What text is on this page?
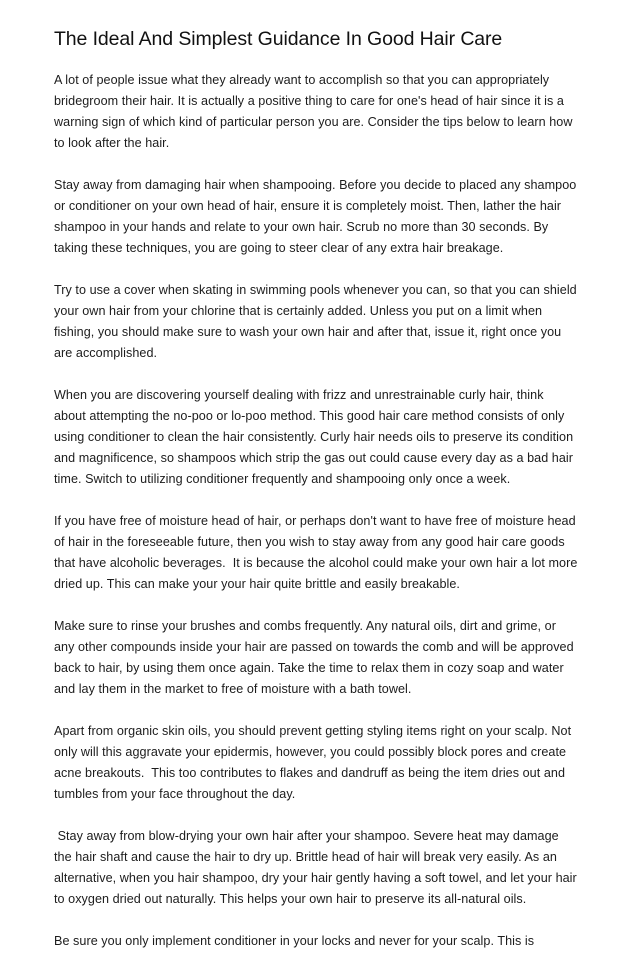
The Ideal And Simplest Guidance In Good Hair Care

A lot of people issue what they already want to accomplish so that you can appropriately
bridegroom their hair. It is actually a positive thing to care for one's head of hair since it is a
warning sign of which kind of particular person you are. Consider the tips below to learn how
to look after the hair.

Stay away from damaging hair when shampooing. Before you decide to placed any shampoo
or conditioner on your own head of hair, ensure it is completely moist. Then, lather the hair
shampoo in your hands and relate to your own hair. Scrub no more than 30 seconds. By
taking these techniques, you are going to steer clear of any extra hair breakage.

Try to use a cover when skating in swimming pools whenever you can, so that you can shield
your own hair from your chlorine that is certainly added. Unless you put on a limit when
fishing, you should make sure to wash your own hair and after that, issue it, right once you
are accomplished.

When you are discovering yourself dealing with frizz and unrestrainable curly hair, think
about attempting the no-poo or lo-poo method. This good hair care method consists of only
using conditioner to clean the hair consistently. Curly hair needs oils to preserve its condition
and magnificence, so shampoos which strip the gas out could cause every day as a bad hair
time. Switch to utilizing conditioner frequently and shampooing only once a week.

If you have free of moisture head of hair, or perhaps don't want to have free of moisture head
of hair in the foreseeable future, then you wish to stay away from any good hair care goods
that have alcoholic beverages.  It is because the alcohol could make your own hair a lot more
dried up. This can make your your hair quite brittle and easily breakable.

Make sure to rinse your brushes and combs frequently. Any natural oils, dirt and grime, or
any other compounds inside your hair are passed on towards the comb and will be approved
back to hair, by using them once again. Take the time to relax them in cozy soap and water
and lay them in the market to free of moisture with a bath towel.

Apart from organic skin oils, you should prevent getting styling items right on your scalp. Not
only will this aggravate your epidermis, however, you could possibly block pores and create
acne breakouts.  This too contributes to flakes and dandruff as being the item dries out and
tumbles from your face throughout the day.

Stay away from blow-drying your own hair after your shampoo. Severe heat may damage
the hair shaft and cause the hair to dry up. Brittle head of hair will break very easily. As an
alternative, when you hair shampoo, dry your hair gently having a soft towel, and let your hair
to oxygen dried out naturally. This helps your own hair to preserve its all-natural oils.

Be sure you only implement conditioner in your locks and never for your scalp. This is
